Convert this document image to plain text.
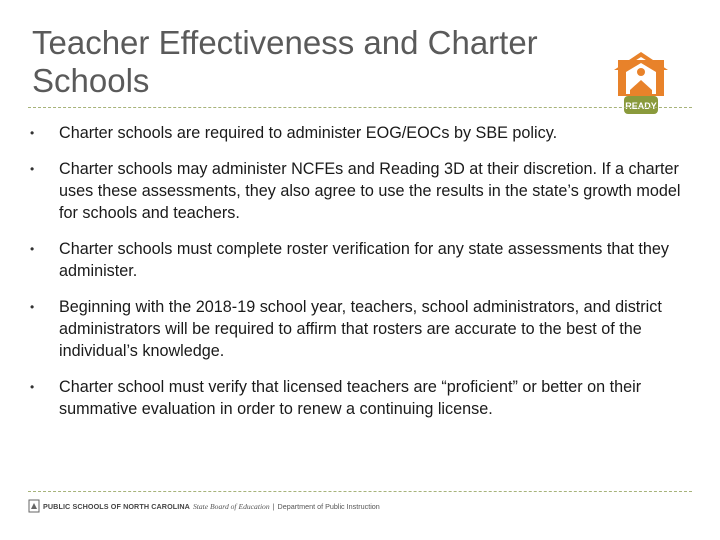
Teacher Effectiveness and Charter
Schools
READY
• Charter schools are required to administer EOG/EOCs by SBE policy.
• Charter schools may administer NCFEs and Reading 3D at their discretion. If a charter uses these assessments, they also agree to use the results in the state’s growth model for schools and teachers.
• Charter schools must complete roster verification for any state assessments that they administer.
• Beginning with the 2018-19 school year, teachers, school administrators, and district administrators will be required to affirm that rosters are accurate to the best of the individual’s knowledge.
• Charter school must verify that licensed teachers are “proficient” or better on their summative evaluation in order to renew a continuing license.
PUBLIC SCHOOLS OF NORTH CAROLINA State Board of Education | Department of Public Instruction
